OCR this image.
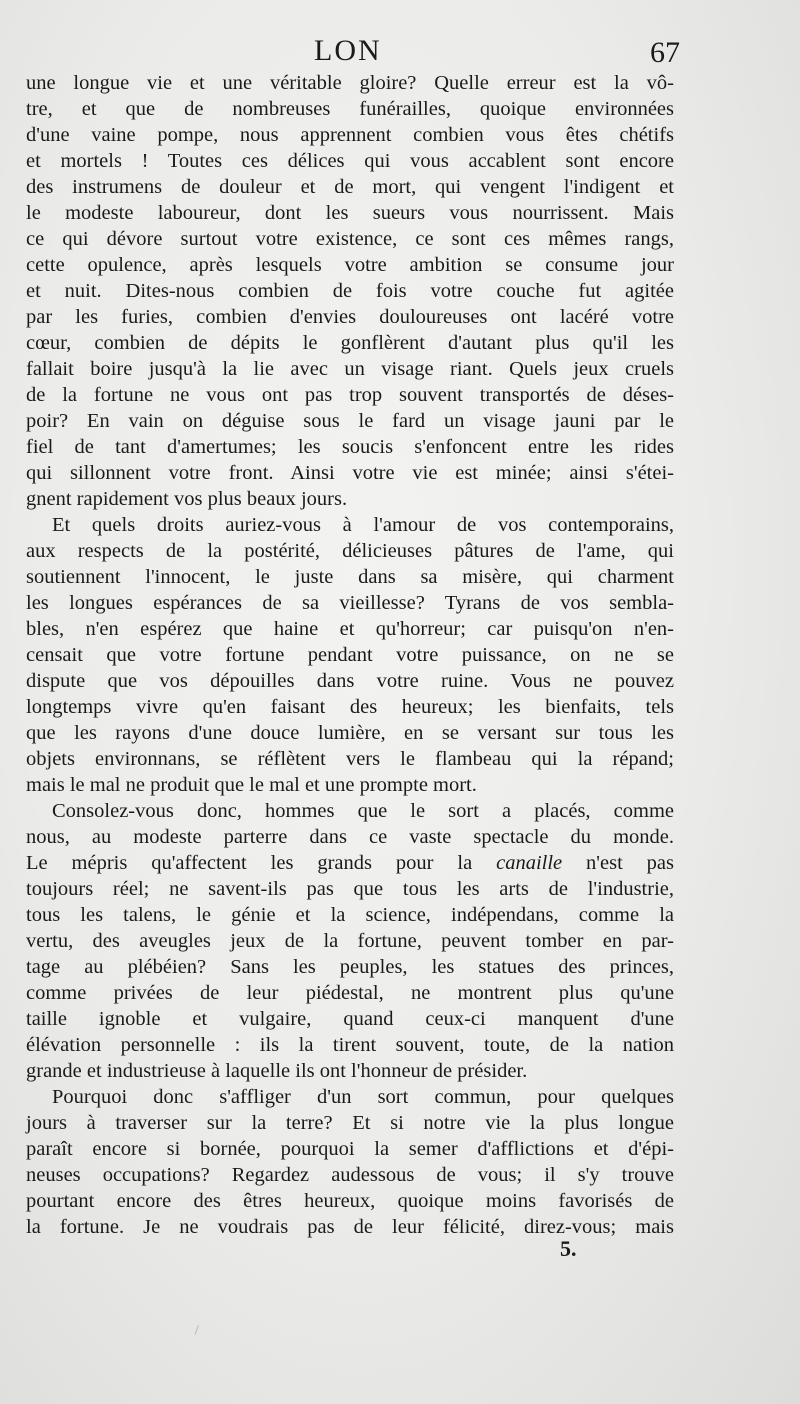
LON	67
une longue vie et une véritable gloire? Quelle erreur est la vô-
tre, et que de nombreuses funérailles, quoique environnées
d'une vaine pompe, nous apprennent combien vous êtes chétifs
et mortels ! Toutes ces délices qui vous accablent sont encore
des instrumens de douleur et de mort, qui vengent l'indigent et
le modeste laboureur, dont les sueurs vous nourrissent. Mais
ce qui dévore surtout votre existence, ce sont ces mêmes rangs,
cette opulence, après lesquels votre ambition se consume jour
et nuit. Dites-nous combien de fois votre couche fut agitée
par les furies, combien d'envies douloureuses ont lacéré votre
cœur, combien de dépits le gonflèrent d'autant plus qu'il les
fallait boire jusqu'à la lie avec un visage riant. Quels jeux cruels
de la fortune ne vous ont pas trop souvent transportés de déses-
poir? En vain on déguise sous le fard un visage jauni par le
fiel de tant d'amertumes; les soucis s'enfoncent entre les rides
qui sillonnent votre front. Ainsi votre vie est minée; ainsi s'étei-
gnent rapidement vos plus beaux jours.
Et quels droits auriez-vous à l'amour de vos contemporains,
aux respects de la postérité, délicieuses pâtures de l'ame, qui
soutiennent l'innocent, le juste dans sa misère, qui charment
les longues espérances de sa vieillesse? Tyrans de vos sembla-
bles, n'en espérez que haine et qu'horreur; car puisqu'on n'en-
censait que votre fortune pendant votre puissance, on ne se
dispute que vos dépouilles dans votre ruine. Vous ne pouvez
longtemps vivre qu'en faisant des heureux; les bienfaits, tels
que les rayons d'une douce lumière, en se versant sur tous les
objets environnans, se réflètent vers le flambeau qui la répand;
mais le mal ne produit que le mal et une prompte mort.
Consolez-vous donc, hommes que le sort a placés, comme
nous, au modeste parterre dans ce vaste spectacle du monde.
Le mépris qu'affectent les grands pour la canaille n'est pas
toujours réel; ne savent-ils pas que tous les arts de l'industrie,
tous les talens, le génie et la science, indépendans, comme la
vertu, des aveugles jeux de la fortune, peuvent tomber en par-
tage au plébéien? Sans les peuples, les statues des princes,
comme privées de leur piédestal, ne montrent plus qu'une
taille ignoble et vulgaire, quand ceux-ci manquent d'une
élévation personnelle : ils la tirent souvent, toute, de la nation
grande et industrieuse à laquelle ils ont l'honneur de présider.
Pourquoi donc s'affliger d'un sort commun, pour quelques
jours à traverser sur la terre? Et si notre vie la plus longue
paraît encore si bornée, pourquoi la semer d'afflictions et d'épi-
neuses occupations? Regardez audessous de vous; il s'y trouve
pourtant encore des êtres heureux, quoique moins favorisés de
la fortune. Je ne voudrais pas de leur félicité, direz-vous; mais
5.
